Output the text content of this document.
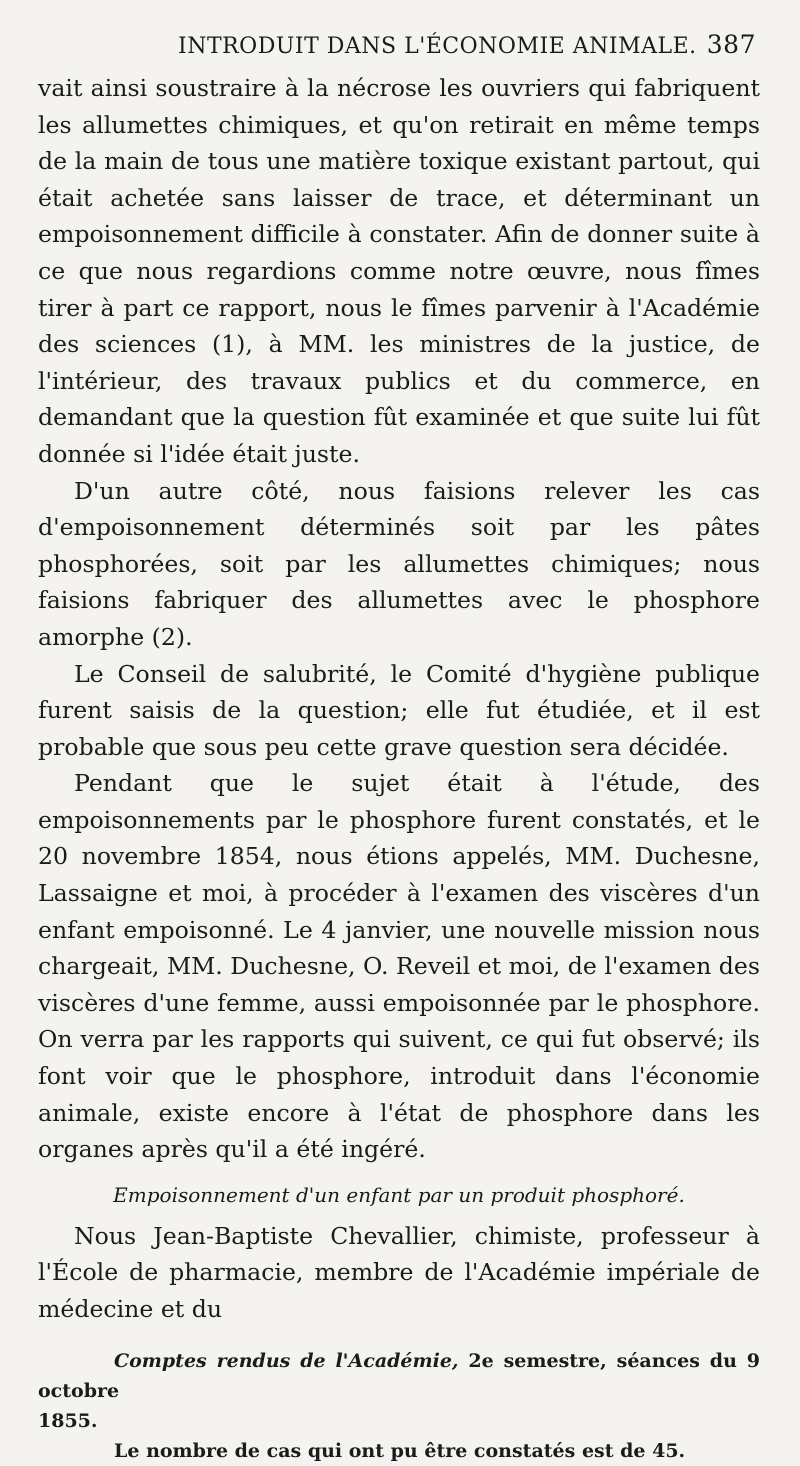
INTRODUIT DANS L'ÉCONOMIE ANIMALE. 387

vait ainsi soustraire à la nécrose les ouvriers qui fabriquent les allumettes chimiques, et qu'on retirait en même temps de la main de tous une matière toxique existant partout, qui était achetée sans laisser de trace, et déterminant un empoisonnement difficile à constater. Afin de donner suite à ce que nous regardions comme notre œuvre, nous fîmes tirer à part ce rapport, nous le fîmes parvenir à l'Académie des sciences (1), à MM. les ministres de la justice, de l'intérieur, des travaux publics et du commerce, en demandant que la question fût examinée et que suite lui fût donnée si l'idée était juste.

D'un autre côté, nous faisions relever les cas d'empoisonnement déterminés soit par les pâtes phosphorées, soit par les allumettes chimiques; nous faisions fabriquer des allumettes avec le phosphore amorphe (2).

Le Conseil de salubrité, le Comité d'hygiène publique furent saisis de la question; elle fut étudiée, et il est probable que sous peu cette grave question sera décidée.

Pendant que le sujet était à l'étude, des empoisonnements par le phosphore furent constatés, et le 20 novembre 1854, nous étions appelés, MM. Duchesne, Lassaigne et moi, à procéder à l'examen des viscères d'un enfant empoisonné. Le 4 janvier, une nouvelle mission nous chargeait, MM. Duchesne, O. Reveil et moi, de l'examen des viscères d'une femme, aussi empoisonnée par le phosphore. On verra par les rapports qui suivent, ce qui fut observé; ils font voir que le phosphore, introduit dans l'économie animale, existe encore à l'état de phosphore dans les organes après qu'il a été ingéré.

Empoisonnement d'un enfant par un produit phosphoré.

Nous Jean-Baptiste Chevallier, chimiste, professeur à l'École de pharmacie, membre de l'Académie impériale de médecine et du

Comptes rendus de l'Académie, 2e semestre, séances du 9 octobre

1855.

Le nombre de cas qui ont pu être constatés est de 45.
